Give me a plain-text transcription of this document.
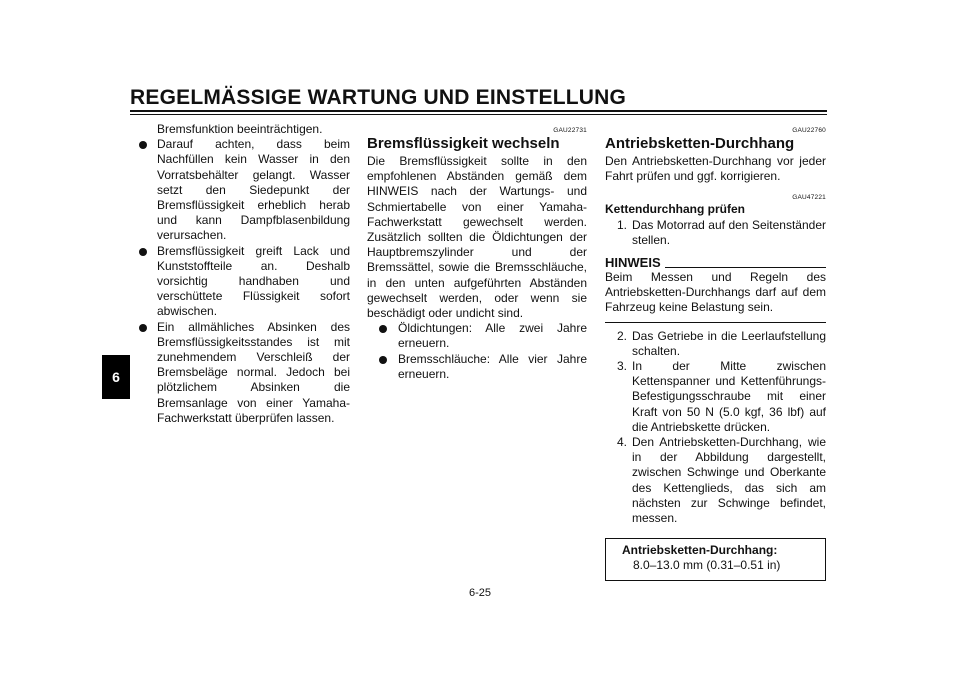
REGELMÄSSIGE WARTUNG UND EINSTELLUNG
6

Bremsfunktion beeinträchtigen.

Darauf achten, dass beim Nachfüllen kein Wasser in den Vorratsbehälter gelangt. Wasser setzt den Siedepunkt der Bremsflüssigkeit erheblich herab und kann Dampfblasenbildung verursachen.

Bremsflüssigkeit greift Lack und Kunststoffteile an. Deshalb vorsichtig handhaben und verschüttete Flüssigkeit sofort abwischen.

Ein allmähliches Absinken des Bremsflüssigkeitsstandes ist mit zunehmendem Verschleiß der Bremsbeläge normal. Jedoch bei plötzlichem Absinken die Bremsanlage von einer Yamaha-Fachwerkstatt überprüfen lassen.

GAU22731
Bremsflüssigkeit wechseln

Die Bremsflüssigkeit sollte in den empfohlenen Abständen gemäß dem HINWEIS nach der Wartungs- und Schmiertabelle von einer Yamaha-Fachwerkstatt gewechselt werden. Zusätzlich sollten die Öldichtungen der Hauptbremszylinder und der Bremssättel, sowie die Bremsschläuche, in den unten aufgeführten Abständen gewechselt werden, oder wenn sie beschädigt oder undicht sind.

Öldichtungen: Alle zwei Jahre erneuern.

Bremsschläuche: Alle vier Jahre erneuern.

GAU22760
Antriebsketten-Durchhang

Den Antriebsketten-Durchhang vor jeder Fahrt prüfen und ggf. korrigieren.

GAU47221
Kettendurchhang prüfen

1. Das Motorrad auf den Seitenständer stellen.

HINWEIS

Beim Messen und Regeln des Antriebsketten-Durchhangs darf auf dem Fahrzeug keine Belastung sein.

2. Das Getriebe in die Leerlaufstellung schalten.

3. In der Mitte zwischen Kettenspanner und Kettenführungs-Befestigungsschraube mit einer Kraft von 50 N (5.0 kgf, 36 lbf) auf die Antriebskette drücken.

4. Den Antriebsketten-Durchhang, wie in der Abbildung dargestellt, zwischen Schwinge und Oberkante des Kettenglieds, das sich am nächsten zur Schwinge befindet, messen.

Antriebsketten-Durchhang:
8.0–13.0 mm (0.31–0.51 in)
6-25
